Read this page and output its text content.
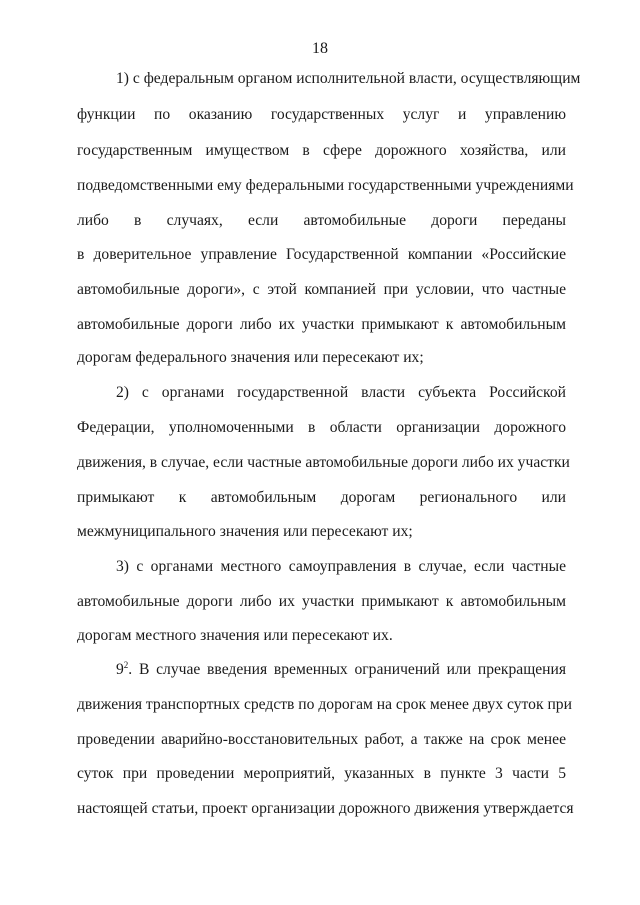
18
1) с федеральным органом исполнительной власти, осуществляющим
функции по оказанию государственных услуг и управлению
государственным имуществом в сфере дорожного хозяйства, или
подведомственными ему федеральными государственными учреждениями
либо в случаях, если автомобильные дороги переданы
в доверительное управление Государственной компании «Российские
автомобильные дороги», с этой компанией при условии, что частные
автомобильные дороги либо их участки примыкают к автомобильным
дорогам федерального значения или пересекают их;
2) с органами государственной власти субъекта Российской
Федерации, уполномоченными в области организации дорожного
движения, в случае, если частные автомобильные дороги либо их участки
примыкают к автомобильным дорогам регионального или
межмуниципального значения или пересекают их;
3) с органами местного самоуправления в случае, если частные
автомобильные дороги либо их участки примыкают к автомобильным
дорогам местного значения или пересекают их.
$9^2$. В случае введения временных ограничений или прекращения
движения транспортных средств по дорогам на срок менее двух суток при
проведении аварийно-восстановительных работ, а также на срок менее
суток при проведении мероприятий, указанных в пункте 3 части 5
настоящей статьи, проект организации дорожного движения утверждается
